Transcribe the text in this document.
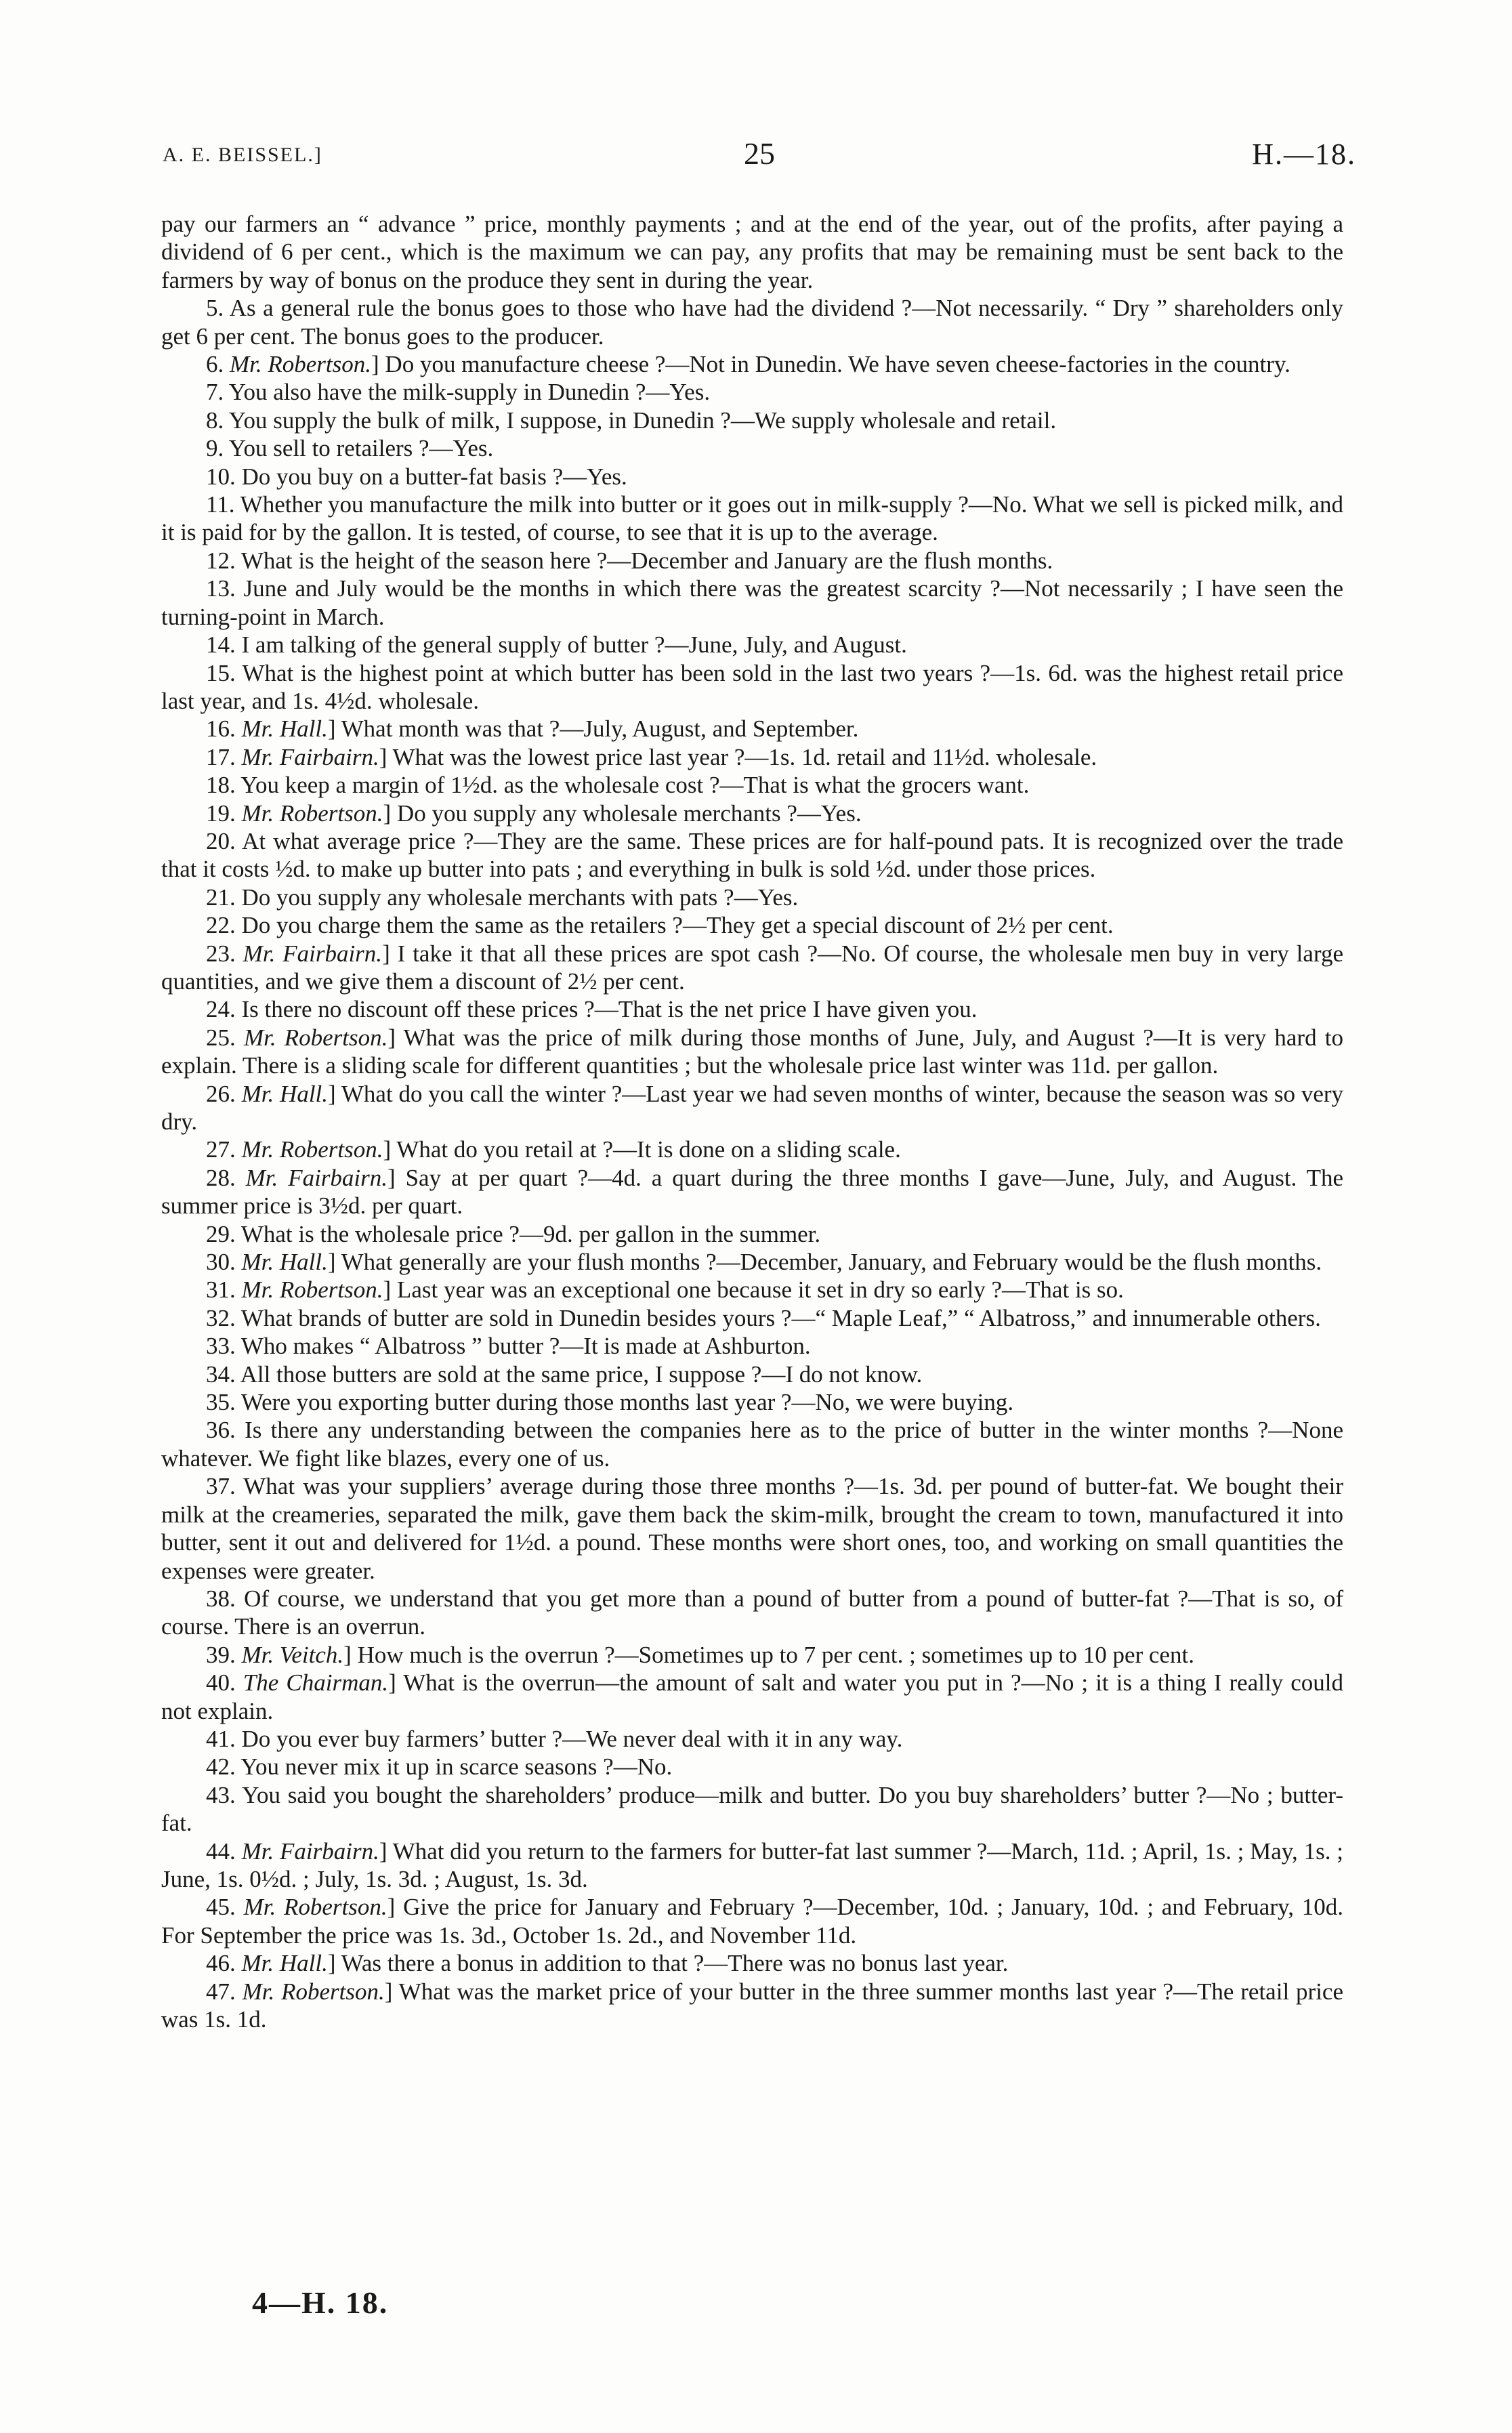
A. E. BEISSEL.]	25	H.—18.

pay our farmers an “ advance ” price, monthly payments ; and at the end of the year, out of the profits, after paying a dividend of 6 per cent., which is the maximum we can pay, any profits that may be remaining must be sent back to the farmers by way of bonus on the produce they sent in during the year.

5. As a general rule the bonus goes to those who have had the dividend ?—Not necessarily. “ Dry ” shareholders only get 6 per cent. The bonus goes to the producer.

6. Mr. Robertson.] Do you manufacture cheese ?—Not in Dunedin. We have seven cheese-factories in the country.

7. You also have the milk-supply in Dunedin ?—Yes.

8. You supply the bulk of milk, I suppose, in Dunedin ?—We supply wholesale and retail.

9. You sell to retailers ?—Yes.

10. Do you buy on a butter-fat basis ?—Yes.

11. Whether you manufacture the milk into butter or it goes out in milk-supply ?—No. What we sell is picked milk, and it is paid for by the gallon. It is tested, of course, to see that it is up to the average.

12. What is the height of the season here ?—December and January are the flush months.

13. June and July would be the months in which there was the greatest scarcity ?—Not necessarily ; I have seen the turning-point in March.

14. I am talking of the general supply of butter ?—June, July, and August.

15. What is the highest point at which butter has been sold in the last two years ?—1s. 6d. was the highest retail price last year, and 1s. 4½d. wholesale.

16. Mr. Hall.] What month was that ?—July, August, and September.

17. Mr. Fairbairn.] What was the lowest price last year ?—1s. 1d. retail and 11½d. wholesale.

18. You keep a margin of 1½d. as the wholesale cost ?—That is what the grocers want.

19. Mr. Robertson.] Do you supply any wholesale merchants ?—Yes.

20. At what average price ?—They are the same. These prices are for half-pound pats. It is recognized over the trade that it costs ½d. to make up butter into pats ; and everything in bulk is sold ½d. under those prices.

21. Do you supply any wholesale merchants with pats ?—Yes.

22. Do you charge them the same as the retailers ?—They get a special discount of 2½ per cent.

23. Mr. Fairbairn.] I take it that all these prices are spot cash ?—No. Of course, the wholesale men buy in very large quantities, and we give them a discount of 2½ per cent.

24. Is there no discount off these prices ?—That is the net price I have given you.

25. Mr. Robertson.] What was the price of milk during those months of June, July, and August ?—It is very hard to explain. There is a sliding scale for different quantities ; but the wholesale price last winter was 11d. per gallon.

26. Mr. Hall.] What do you call the winter ?—Last year we had seven months of winter, because the season was so very dry.

27. Mr. Robertson.] What do you retail at ?—It is done on a sliding scale.

28. Mr. Fairbairn.] Say at per quart ?—4d. a quart during the three months I gave—June, July, and August. The summer price is 3½d. per quart.

29. What is the wholesale price ?—9d. per gallon in the summer.

30. Mr. Hall.] What generally are your flush months ?—December, January, and February would be the flush months.

31. Mr. Robertson.] Last year was an exceptional one because it set in dry so early ?—That is so.

32. What brands of butter are sold in Dunedin besides yours ?—“ Maple Leaf,” “ Albatross,” and innumerable others.

33. Who makes “ Albatross ” butter ?—It is made at Ashburton.

34. All those butters are sold at the same price, I suppose ?—I do not know.

35. Were you exporting butter during those months last year ?—No, we were buying.

36. Is there any understanding between the companies here as to the price of butter in the winter months ?—None whatever. We fight like blazes, every one of us.

37. What was your suppliers’ average during those three months ?—1s. 3d. per pound of butter-fat. We bought their milk at the creameries, separated the milk, gave them back the skim-milk, brought the cream to town, manufactured it into butter, sent it out and delivered for 1½d. a pound. These months were short ones, too, and working on small quantities the expenses were greater.

38. Of course, we understand that you get more than a pound of butter from a pound of butter-fat ?—That is so, of course. There is an overrun.

39. Mr. Veitch.] How much is the overrun ?—Sometimes up to 7 per cent. ; sometimes up to 10 per cent.

40. The Chairman.] What is the overrun—the amount of salt and water you put in ?—No ; it is a thing I really could not explain.

41. Do you ever buy farmers’ butter ?—We never deal with it in any way.

42. You never mix it up in scarce seasons ?—No.

43. You said you bought the shareholders’ produce—milk and butter. Do you buy shareholders’ butter ?—No ; butter-fat.

44. Mr. Fairbairn.] What did you return to the farmers for butter-fat last summer ?—March, 11d. ; April, 1s. ; May, 1s. ; June, 1s. 0½d. ; July, 1s. 3d. ; August, 1s. 3d.

45. Mr. Robertson.] Give the price for January and February ?—December, 10d. ; January, 10d. ; and February, 10d. For September the price was 1s. 3d., October 1s. 2d., and November 11d.

46. Mr. Hall.] Was there a bonus in addition to that ?—There was no bonus last year.

47. Mr. Robertson.] What was the market price of your butter in the three summer months last year ?—The retail price was 1s. 1d.

4—H. 18.
